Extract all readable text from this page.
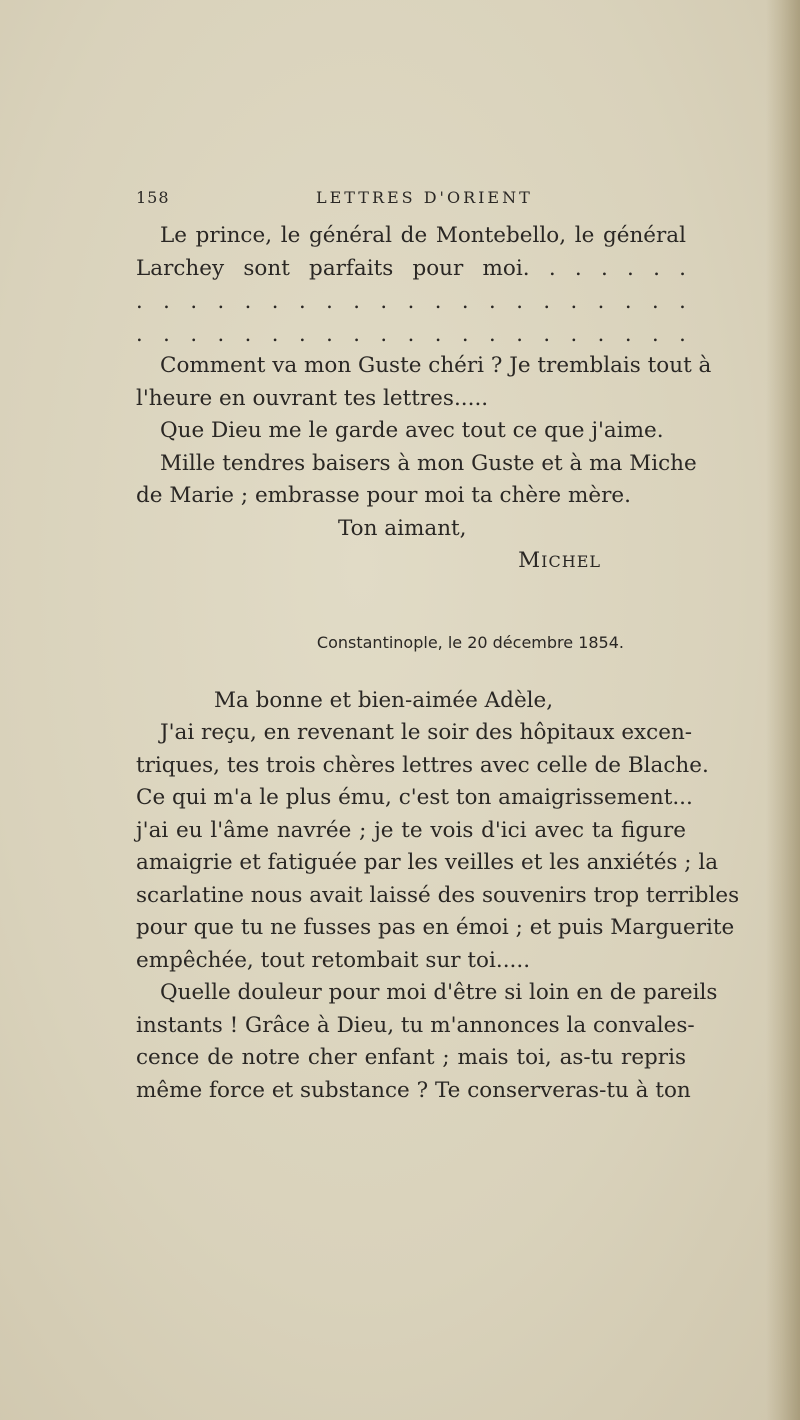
158	LETTRES D'ORIENT
Le prince, le général de Montebello, le général
Larchey sont parfaits pour moi. . . . . . .
. . . . . . . . . . . . . . . . . . . . .
. . . . . . . . . . . . . . . . . . . . .
Comment va mon Guste chéri ? Je tremblais tout à
l'heure en ouvrant tes lettres.....
Que Dieu me le garde avec tout ce que j'aime.
Mille tendres baisers à mon Guste et à ma Miche
de Marie ; embrasse pour moi ta chère mère.
Ton aimant,
MICHEL
Constantinople, le 20 décembre 1854.
Ma bonne et bien-aimée Adèle,
J'ai reçu, en revenant le soir des hôpitaux excen-
triques, tes trois chères lettres avec celle de Blache.
Ce qui m'a le plus ému, c'est ton amaigrissement...
j'ai eu l'âme navrée ; je te vois d'ici avec ta figure
amaigrie et fatiguée par les veilles et les anxiétés ; la
scarlatine nous avait laissé des souvenirs trop terribles
pour que tu ne fusses pas en émoi ; et puis Marguerite
empêchée, tout retombait sur toi.....
Quelle douleur pour moi d'être si loin en de pareils
instants ! Grâce à Dieu, tu m'annonces la convales-
cence de notre cher enfant ; mais toi, as-tu repris
même force et substance ? Te conserveras-tu à ton
